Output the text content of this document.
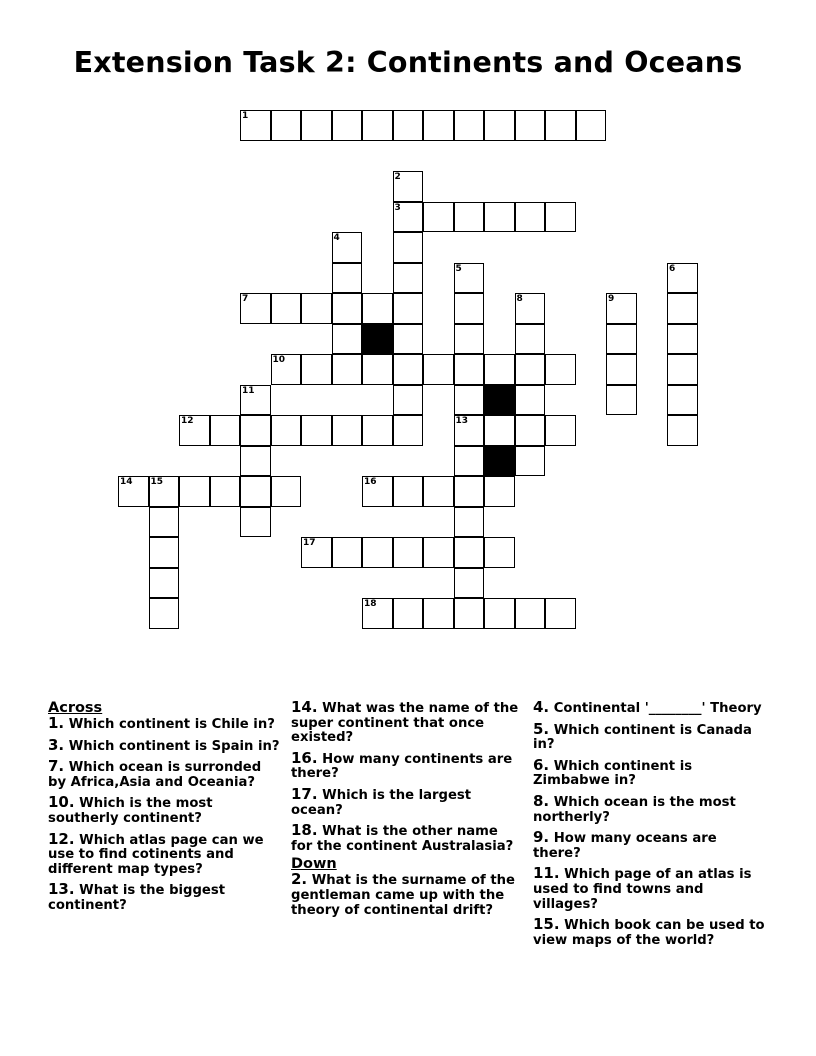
Extension Task 2: Continents and Oceans
1
2
3
4
5
13
6
7	8	9
10
11
12
14 15	16
17
18
Across
1. Which continent is Chile in?
3. Which continent is Spain in?
7. Which ocean is surronded by Africa,Asia and Oceania?
10. Which is the most southerly continent?
12. Which atlas page can we use to find cotinents and different map types?
13. What is the biggest continent?
14. What was the name of the super continent that once existed?
16. How many continents are there?
17. Which is the largest ocean?
18. What is the other name for the continent Australasia?
Down
2. What is the surname of the gentleman came up with the theory of continental drift?
4. Continental '________' Theory
5. Which continent is Canada in?
6. Which continent is Zimbabwe in?
8. Which ocean is the most northerly?
9. How many oceans are there?
11. Which page of an atlas is used to find towns and villages?
15. Which book can be used to view maps of the world?
